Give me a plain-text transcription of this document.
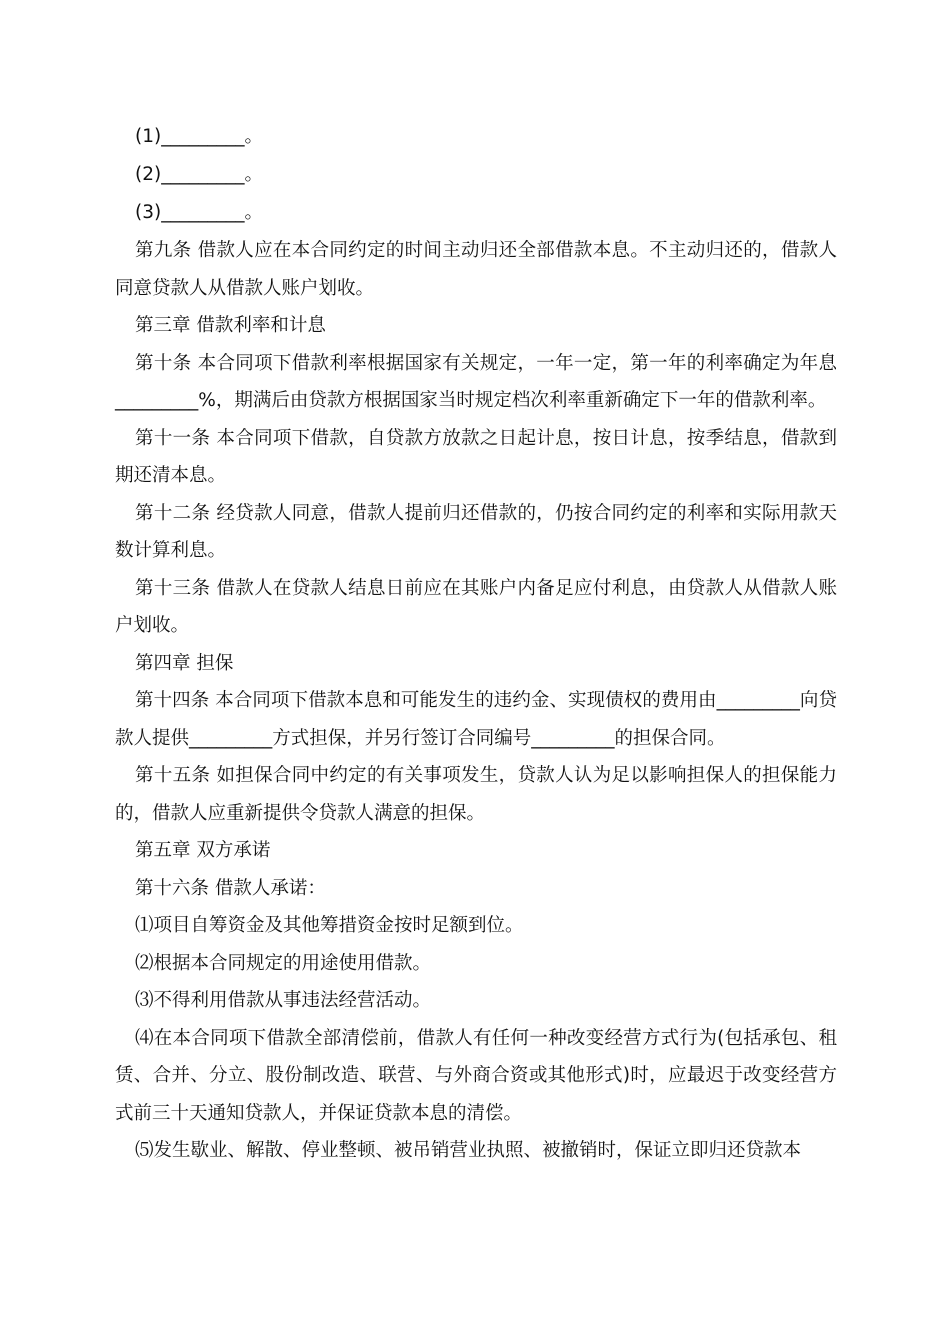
(1)_________。

(2)_________。

(3)_________。

第九条 借款人应在本合同约定的时间主动归还全部借款本息。不主动归还的，借款人同意贷款人从借款人账户划收。

第三章 借款利率和计息

第十条 本合同项下借款利率根据国家有关规定，一年一定，第一年的利率确定为年息_________%，期满后由贷款方根据国家当时规定档次利率重新确定下一年的借款利率。

第十一条 本合同项下借款，自贷款方放款之日起计息，按日计息，按季结息，借款到期还清本息。

第十二条 经贷款人同意，借款人提前归还借款的，仍按合同约定的利率和实际用款天数计算利息。

第十三条 借款人在贷款人结息日前应在其账户内备足应付利息，由贷款人从借款人账户划收。

第四章 担保

第十四条 本合同项下借款本息和可能发生的违约金、实现债权的费用由_________向贷款人提供_________方式担保，并另行签订合同编号_________的担保合同。

第十五条 如担保合同中约定的有关事项发生，贷款人认为足以影响担保人的担保能力的，借款人应重新提供令贷款人满意的担保。

第五章 双方承诺

第十六条 借款人承诺：

⑴项目自筹资金及其他筹措资金按时足额到位。

⑵根据本合同规定的用途使用借款。

⑶不得利用借款从事违法经营活动。

⑷在本合同项下借款全部清偿前，借款人有任何一种改变经营方式行为(包括承包、租赁、合并、分立、股份制改造、联营、与外商合资或其他形式)时，应最迟于改变经营方式前三十天通知贷款人，并保证贷款本息的清偿。

⑸发生歇业、解散、停业整顿、被吊销营业执照、被撤销时，保证立即归还贷款本
